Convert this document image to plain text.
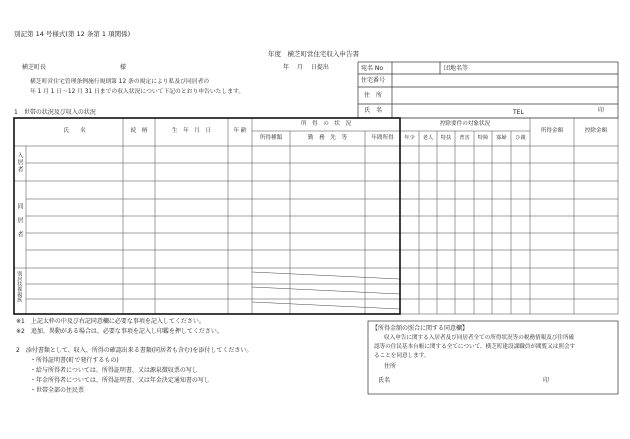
別記第 14 号様式(第 12 条第 1 項関係)
年度　横芝町営住宅収入申告書
横芝町長	様	年　 月　 日提出
横芝町営住宅管理条例施行規則第 12 条の規定により私及び同居者の
年 1 月 1 日～12 月 31 日までの収入状況について下記のとおり申告いたします。
宛名 No	団地名等
住宅番号
住　所
氏　名	TEL	印
1　世帯の状況及び収入の状況
氏　　名	続　柄	生　年　月　日	年 齢
所　得　の　状　況
所得種類	勤　務　先　等	年間所得
控除要件の対象状況
年少	老人	特扶	普害	特障	寡婦	ひ親
所得金額	控除金額
入居者
同　居　者
別居扶養親族
※1　上記太枠の中及び右記同意欄に必要な事項を記入してください。
※2　追加、異動がある場合は、必要な事項を記入し印鑑を押してください。
2　添付書類として、収入、所得の確認出来る書類(同居者も含む)を添付してください。
・所得証明書(町で発行するもの)
・給与所得者については、所得証明書、又は源泉徴収票の写し
・年金所得者については、所得証明書、又は年金決定通知書の写し
・世帯全部の住民票
【所得金額の照合に関する同意欄】
収入申告に関する入居者及び同居者全ての所得状況等の税務情報及び住所確
認等の住民基本台帳に関する全てについて、横芝町建設課職員が閲覧又は照会す
ることを同意します。
住所
氏名	印
